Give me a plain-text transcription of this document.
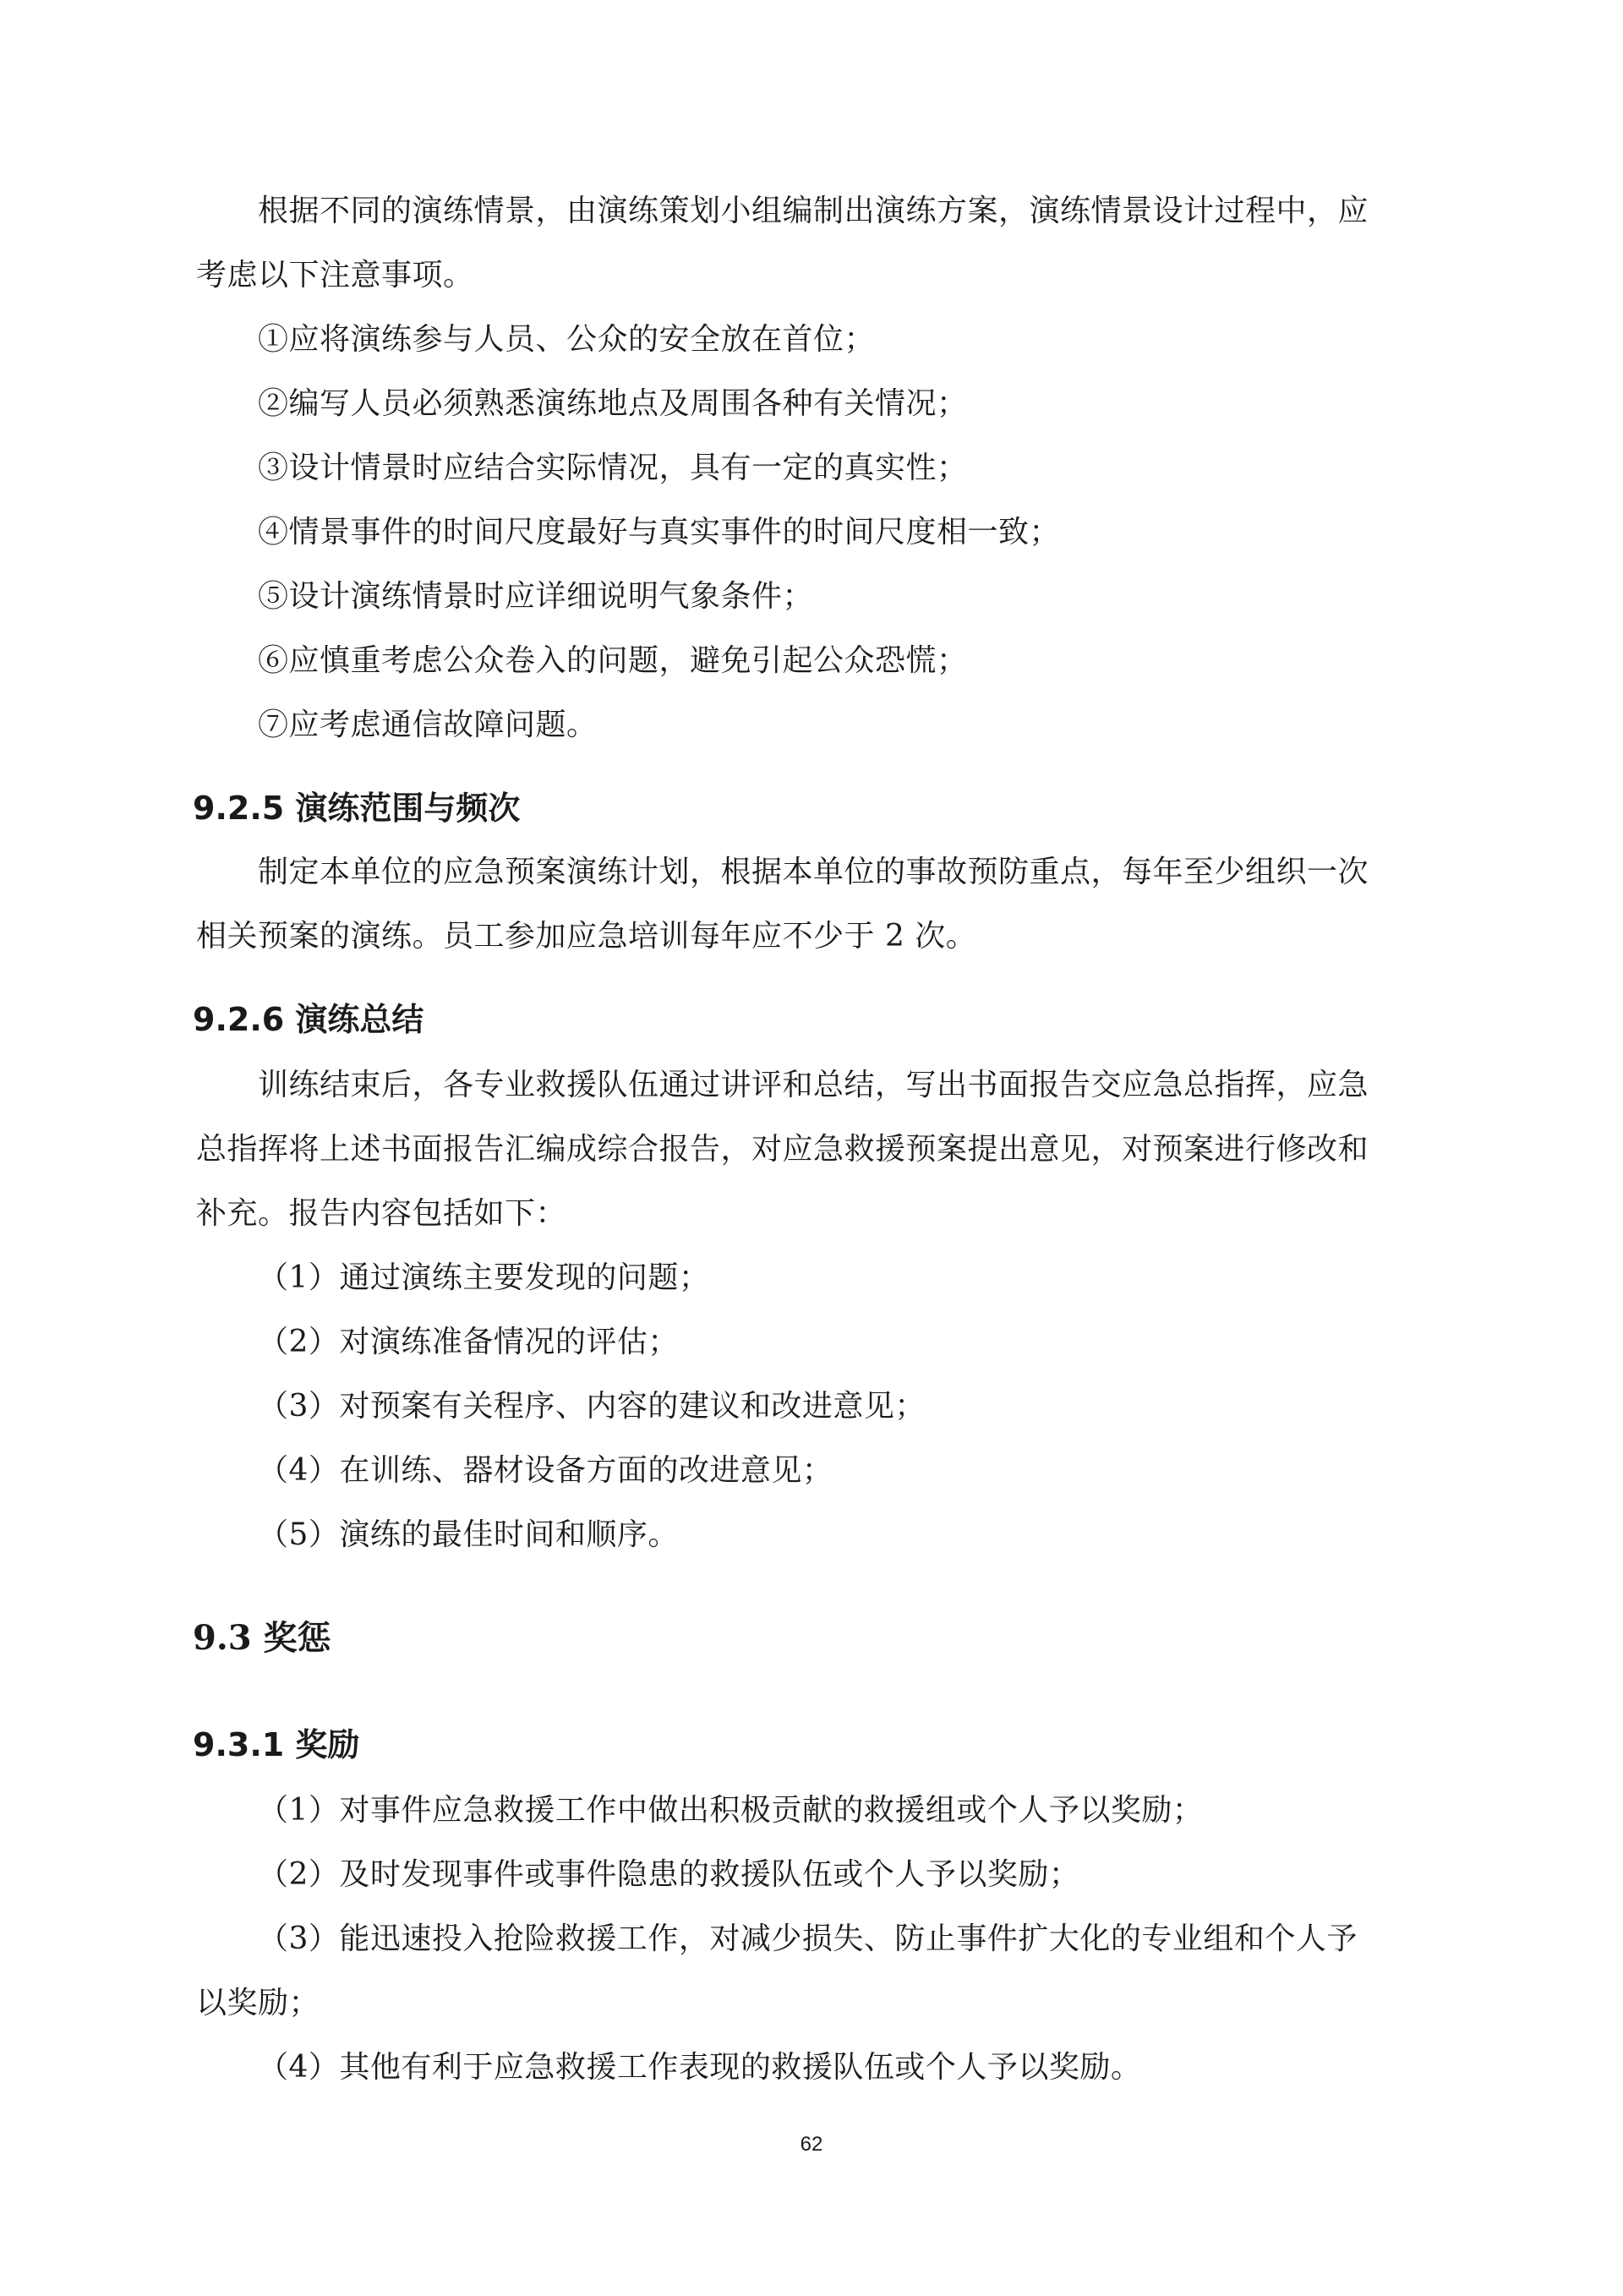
根据不同的演练情景，由演练策划小组编制出演练方案，演练情景设计过程中，应
考虑以下注意事项。
①应将演练参与人员、公众的安全放在首位；
②编写人员必须熟悉演练地点及周围各种有关情况；
③设计情景时应结合实际情况，具有一定的真实性；
④情景事件的时间尺度最好与真实事件的时间尺度相一致；
⑤设计演练情景时应详细说明气象条件；
⑥应慎重考虑公众卷入的问题，避免引起公众恐慌；
⑦应考虑通信故障问题。
9.2.5 演练范围与频次
制定本单位的应急预案演练计划，根据本单位的事故预防重点，每年至少组织一次
相关预案的演练。员工参加应急培训每年应不少于 2 次。
9.2.6 演练总结
训练结束后，各专业救援队伍通过讲评和总结，写出书面报告交应急总指挥，应急
总指挥将上述书面报告汇编成综合报告，对应急救援预案提出意见，对预案进行修改和
补充。报告内容包括如下：
（1）通过演练主要发现的问题；
（2）对演练准备情况的评估；
（3）对预案有关程序、内容的建议和改进意见；
（4）在训练、器材设备方面的改进意见；
（5）演练的最佳时间和顺序。
9.3 奖惩
9.3.1 奖励
（1）对事件应急救援工作中做出积极贡献的救援组或个人予以奖励；
（2）及时发现事件或事件隐患的救援队伍或个人予以奖励；
（3）能迅速投入抢险救援工作，对减少损失、防止事件扩大化的专业组和个人予
以奖励；
（4）其他有利于应急救援工作表现的救援队伍或个人予以奖励。
62
